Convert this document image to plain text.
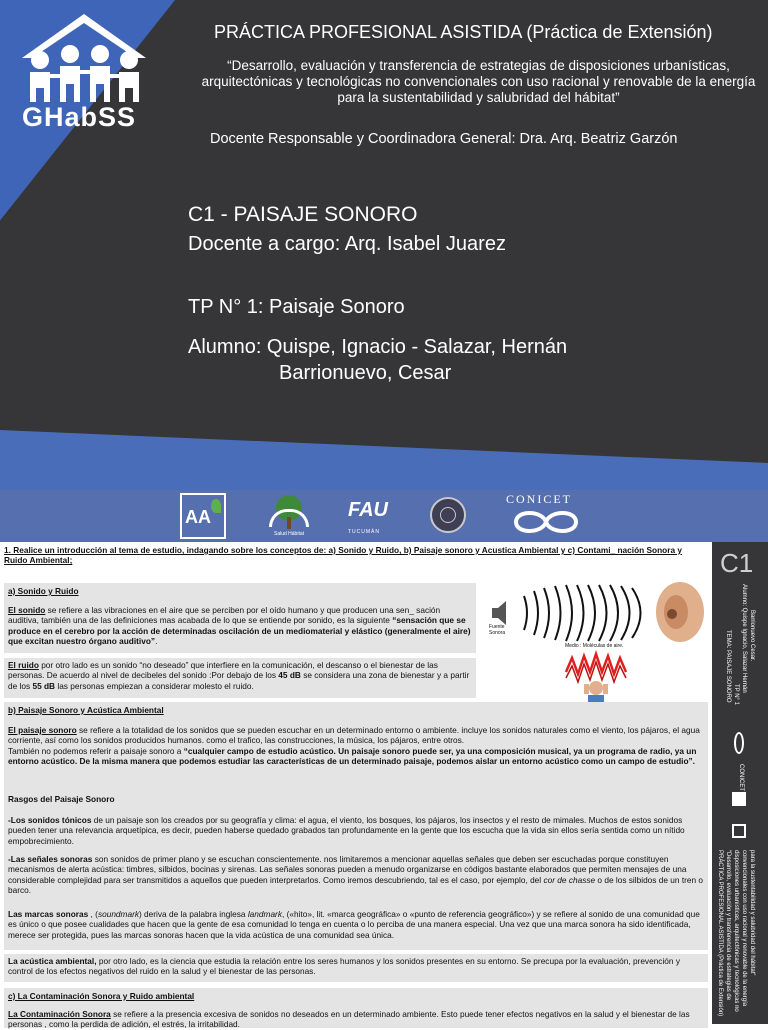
GHabSS
PRÁCTICA PROFESIONAL ASISTIDA (Práctica de Extensión)
“Desarrollo, evaluación y transferencia de estrategias de disposiciones urbanísticas, arquitectónicas y tecnológicas no convencionales con uso racional y renovable de la energía para la sustentabilidad y salubridad del hábitat”
Docente Responsable y Coordinadora General: Dra. Arq. Beatriz Garzón
C1 - PAISAJE SONORO
Docente a cargo: Arq. Isabel Juarez
TP N° 1: Paisaje Sonoro
Alumno: Quispe, Ignacio - Salazar, Hernán
Barrionuevo, Cesar
AA
Salud Hábitat
FAU
TUCUMÁN
CONICET

1. Realice un introducción al tema de estudio, indagando sobre los conceptos de: a) Sonido y Ruido, b) Paisaje sonoro y Acustica Ambiental y c) Contami_ nación Sonora y Ruido Ambiental;

a) Sonido y Ruido

El sonido se refiere a las vibraciones en el aire que se perciben por el oído humano y que producen una sen_ sación auditiva, también una de las definiciones mas acabada de lo que se entiende por sonido, es la siguiente “sensación que se produce en el cerebro por la acción de determinadas oscilación de un mediomaterial y elástico (generalmente el aire) que excitan nuestro órgano auditivo”.

Fuente Sonora
Medio : Moléculas de aire.

El ruido por otro lado es un sonido “no deseado” que interfiere en la comunicación, el descanso o el bienestar de las personas. De acuerdo al nivel de decibeles del sonido :Por debajo de los 45 dB se considera una zona de bienestar y a partir de los 55 dB las personas empiezan a considerar molesto el ruido.

b) Paisaje Sonoro y Acústica Ambiental

El paisaje sonoro se refiere a la totalidad de los sonidos que se pueden escuchar en un determinado entorno o ambiente. incluye los sonidos naturales como el viento, los pájaros, el agua corriente, así como los sonidos producidos humanos. como el trafico, las construcciones, la música, los pájaros, entre otros.
También no podemos referir a paisaje sonoro a “cualquier campo de estudio acústico. Un paisaje sonoro puede ser, ya una composición musical, ya un programa de radio, ya un entorno acústico. De la misma manera que podemos estudiar las características de un determinado paisaje, podemos aislar un entorno acústico como un campo de estudio”.

Rasgos del Paisaje Sonoro

-Los sonidos tónicos de un paisaje son los creados por su geografía y clima: el agua, el viento, los bosques, los pájaros, los insectos y el resto de mimales. Muchos de estos sonidos pueden tener una relevancia arquetípica, es decir, pueden haberse quedado grabados tan profundamente en la gente que los escucha que la vida sin ellos sería sentida como un nítido empobrecimiento.

-Las señales sonoras son sonidos de primer plano y se escuchan conscientemente. nos limitaremos a mencionar aquellas señales que deben ser escuchadas porque constituyen mecanismos de alerta acústica: timbres, silbidos, bocinas y sirenas. Las señales sonoras pueden a menudo organizarse en códigos bastante elaborados que permiten mensajes de una considerable complejidad para ser transmitidos a aquellos que pueden interpretarlos. Como iremos descubriendo, tal es el caso, por ejemplo, del cor de chasse o de los silbidos de un tren o barco.

Las marcas sonoras , (soundmark) deriva de la palabra inglesa landmark, («hito», lit. «marca geográfica» o «punto de referencia geográfico») y se refiere al sonido de una comunidad que es único o que posee cualidades que hacen que la gente de esa comunidad lo tenga en cuenta o lo perciba de una manera especial. Una vez que una marca sonora ha sido identificada, merece ser protegida, pues las marcas sonoras hacen que la vida acústica de una comunidad sea única.

La acústica ambiental, por otro lado, es la ciencia que estudia la relación entre los seres humanos y los sonidos presentes en su entorno. Se precupa por la evaluación, prevención y control de los efectos negativos del ruido en la salud y el bienestar de las personas.

c) La Contaminación Sonora y Ruido ambiental

La Contaminación Sonora se refiere a la presencia excesiva de sonidos no deseados en un determinado ambiente. Esto puede tener efectos negativos en la salud y el bienestar de las personas , como la perdida de adición, el estrés, la irritabilidad.

C1
TEMA: PAISAJE SONORO TP N° 1
Alumno: Quispe Ignacio, Salazar Hernán Barrionuevo Cesar.
CONICET
PRÁCTICA PROFESIONAL ASISTIDA (Práctica de Extensión) “Desarrollo, evaluación y transferencia de estrategias de disposiciones urbanísticas, arquitectónicas y tecnológicas no convencionales con uso racional y renovable de la energía para la sustentabilidad y salubridad del hábitat”
